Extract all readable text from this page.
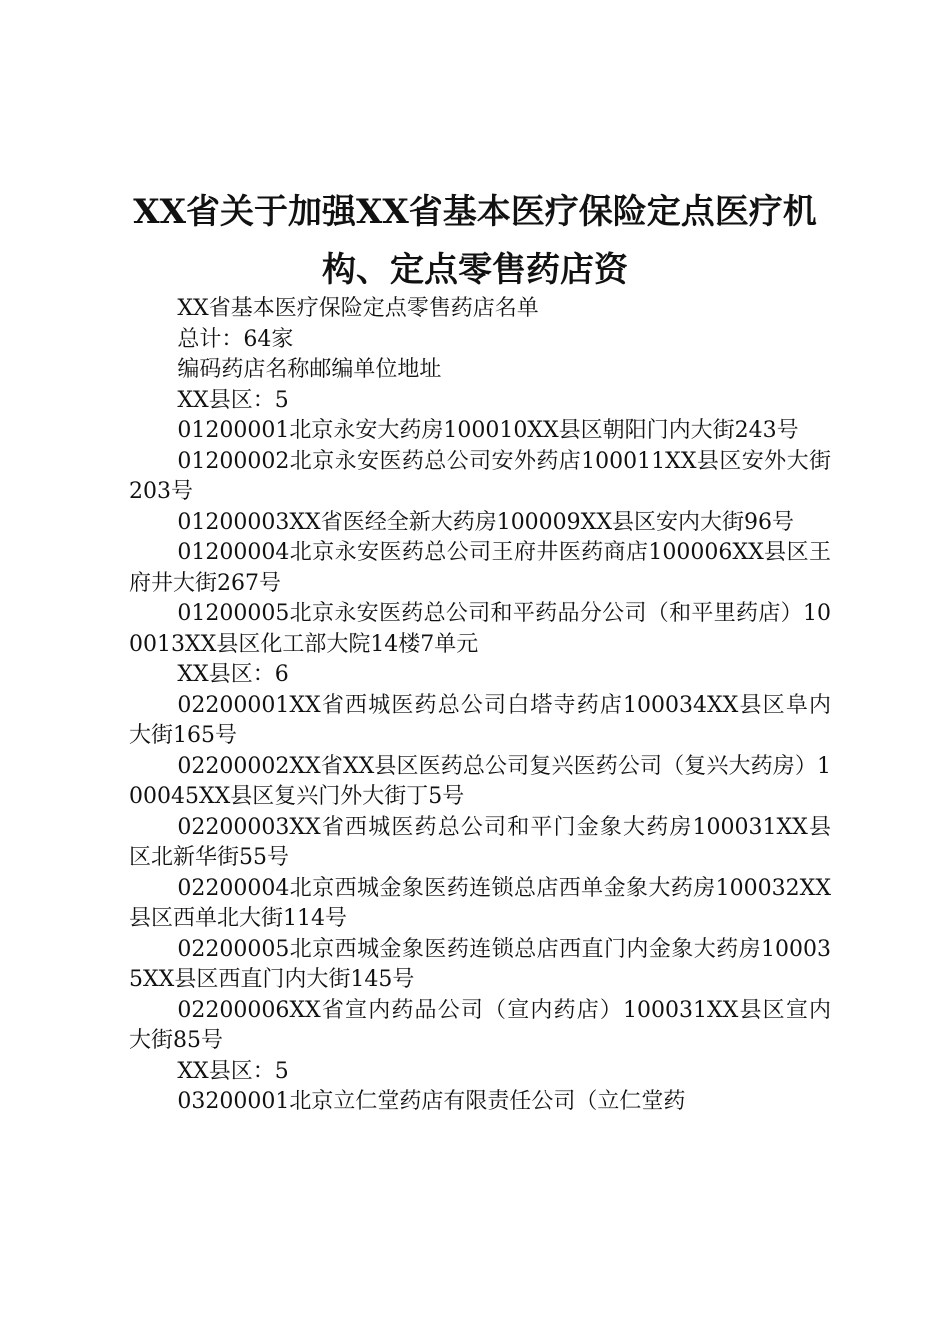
XX省关于加强XX省基本医疗保险定点医疗机
构、定点零售药店资

XX省基本医疗保险定点零售药店名单

总计：64家

编码药店名称邮编单位地址

XX县区：5

01200001北京永安大药房100010XX县区朝阳门内大街243号

01200002北京永安医药总公司安外药店100011XX县区安外大街203号

01200003XX省医经全新大药房100009XX县区安内大街96号

01200004北京永安医药总公司王府井医药商店100006XX县区王府井大街267号

01200005北京永安医药总公司和平药品分公司（和平里药店）100013XX县区化工部大院14楼7单元

XX县区：6

02200001XX省西城医药总公司白塔寺药店100034XX县区阜内大街165号

02200002XX省XX县区医药总公司复兴医药公司（复兴大药房）100045XX县区复兴门外大街丁5号

02200003XX省西城医药总公司和平门金象大药房100031XX县区北新华街55号

02200004北京西城金象医药连锁总店西单金象大药房100032XX县区西单北大街114号

02200005北京西城金象医药连锁总店西直门内金象大药房100035XX县区西直门内大街145号

02200006XX省宣内药品公司（宣内药店）100031XX县区宣内大街85号

XX县区：5

03200001北京立仁堂药店有限责任公司（立仁堂药
